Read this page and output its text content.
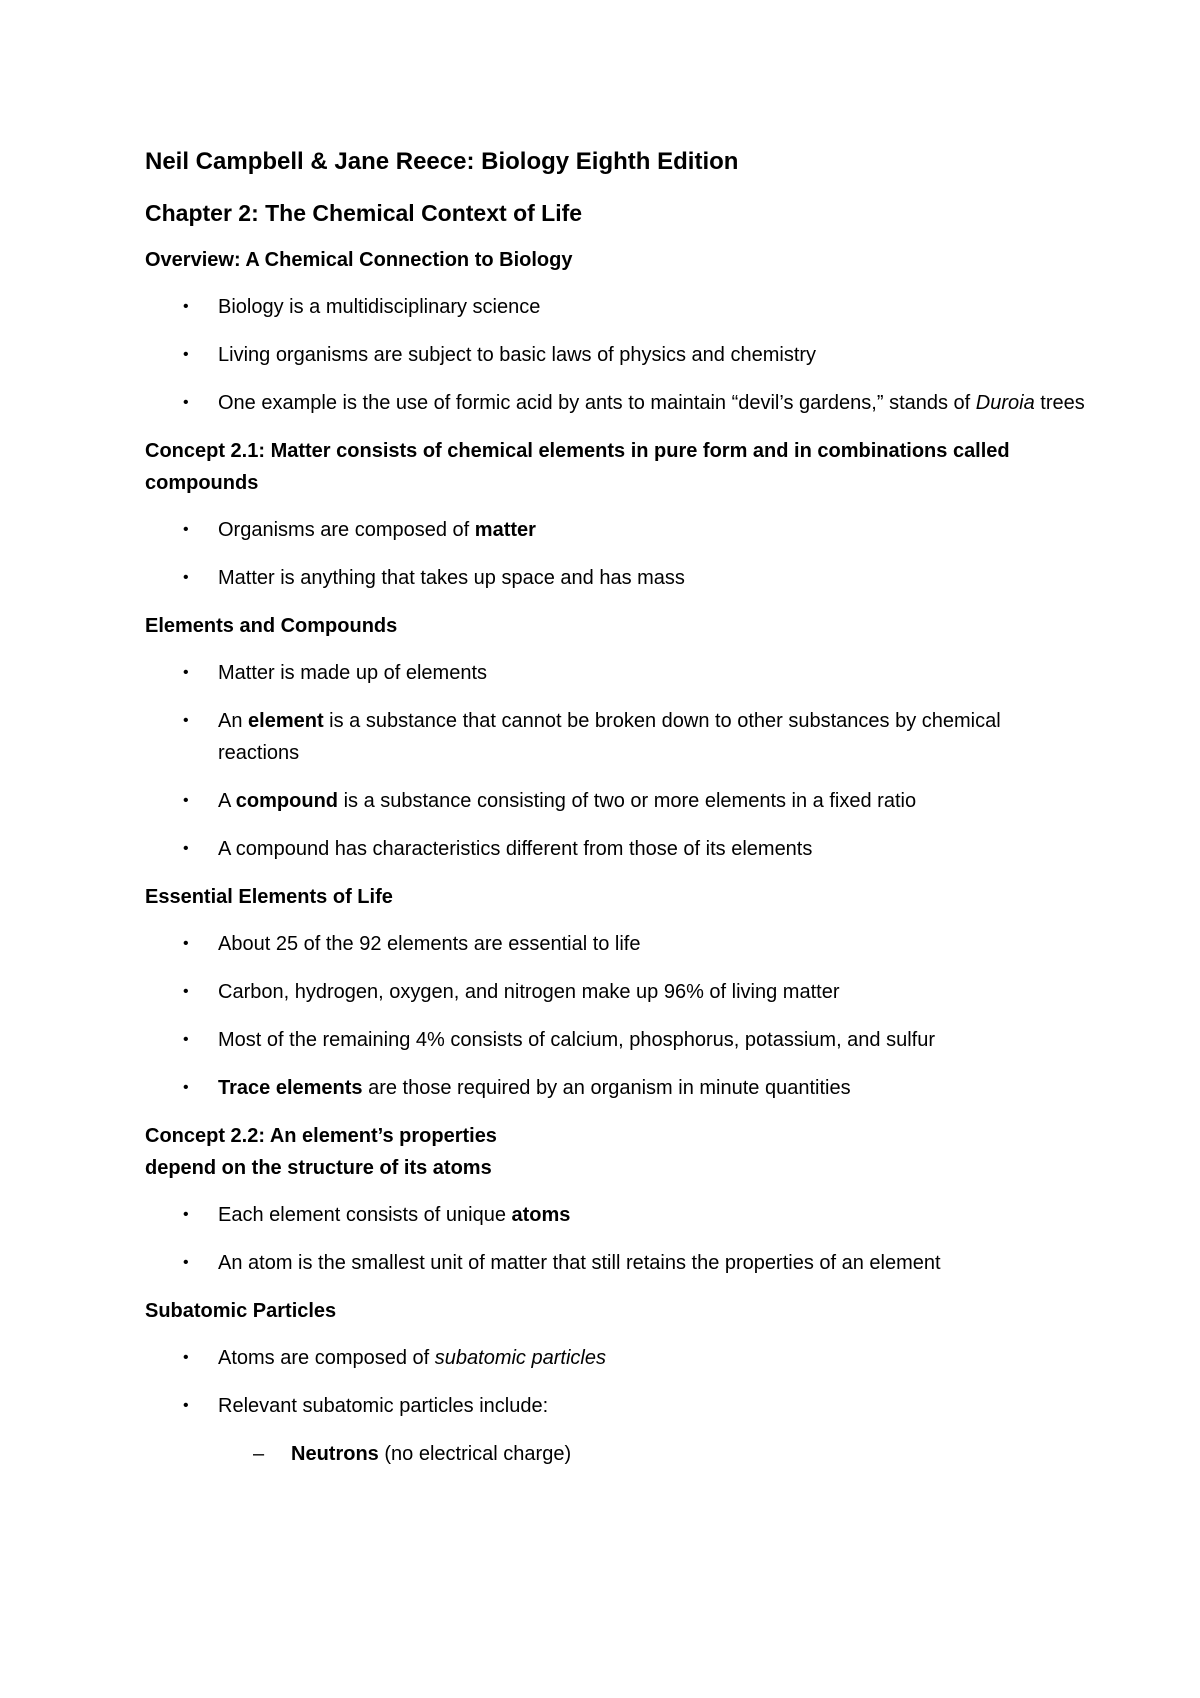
Neil Campbell & Jane Reece: Biology Eighth Edition
Chapter 2: The Chemical Context of Life
Overview: A Chemical Connection to Biology
• Biology is a multidisciplinary science
• Living organisms are subject to basic laws of physics and chemistry
• One example is the use of formic acid by ants to maintain “devil’s gardens,” stands of Duroia trees
Concept 2.1: Matter consists of chemical elements in pure form and in combinations called compounds
• Organisms are composed of matter
• Matter is anything that takes up space and has mass
Elements and Compounds
• Matter is made up of elements
• An element is a substance that cannot be broken down to other substances by chemical reactions
• A compound is a substance consisting of two or more elements in a fixed ratio
• A compound has characteristics different from those of its elements
Essential Elements of Life
• About 25 of the 92 elements are essential to life
• Carbon, hydrogen, oxygen, and nitrogen make up 96% of living matter
• Most of the remaining 4% consists of calcium, phosphorus, potassium, and sulfur
• Trace elements are those required by an organism in minute quantities
Concept 2.2: An element’s properties
depend on the structure of its atoms
• Each element consists of unique atoms
• An atom is the smallest unit of matter that still retains the properties of an element
Subatomic Particles
• Atoms are composed of subatomic particles
• Relevant subatomic particles include:
– Neutrons (no electrical charge)
